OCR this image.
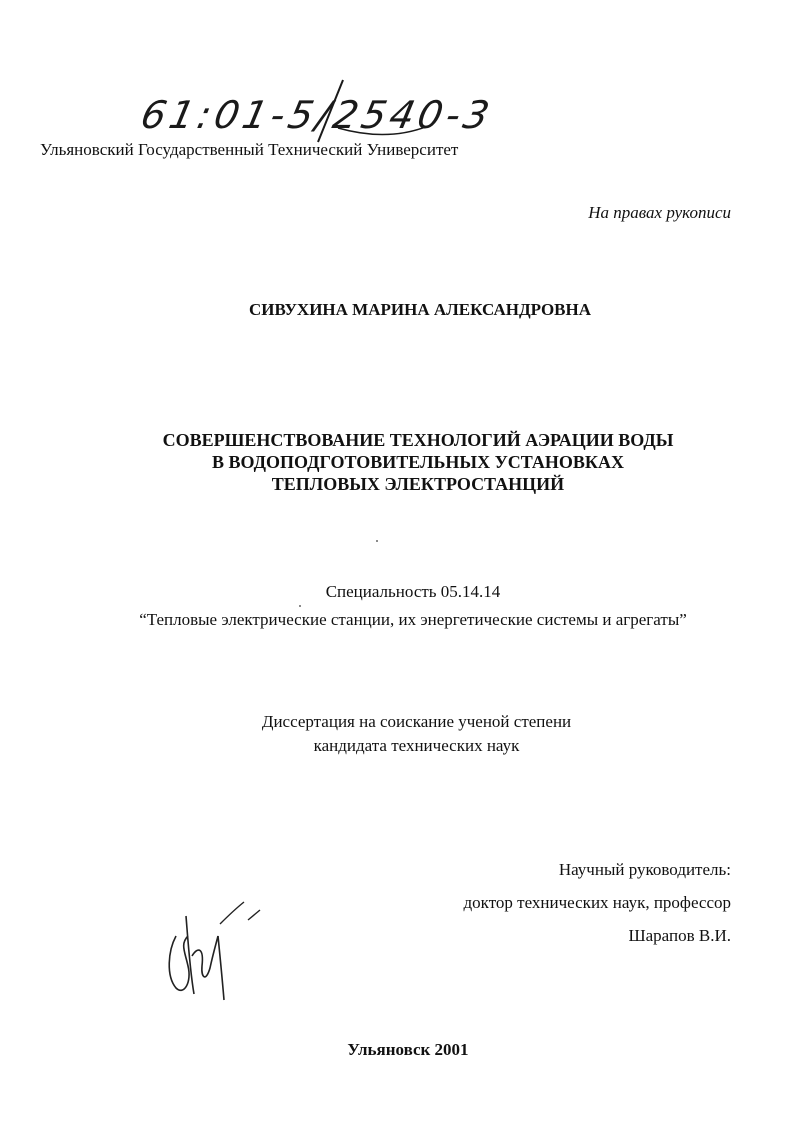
61:01-5/2540-3
Ульяновский Государственный Технический Университет
На правах рукописи
СИВУХИНА МАРИНА АЛЕКСАНДРОВНА
СОВЕРШЕНСТВОВАНИЕ ТЕХНОЛОГИЙ АЭРАЦИИ ВОДЫ
В ВОДОПОДГОТОВИТЕЛЬНЫХ УСТАНОВКАХ
ТЕПЛОВЫХ ЭЛЕКТРОСТАНЦИЙ
Специальность 05.14.14
“Тепловые электрические станции, их энергетические системы и агрегаты”
Диссертация на соискание ученой степени
кандидата технических наук
Научный руководитель:
доктор технических наук, профессор
Шарапов В.И.
Ульяновск 2001
